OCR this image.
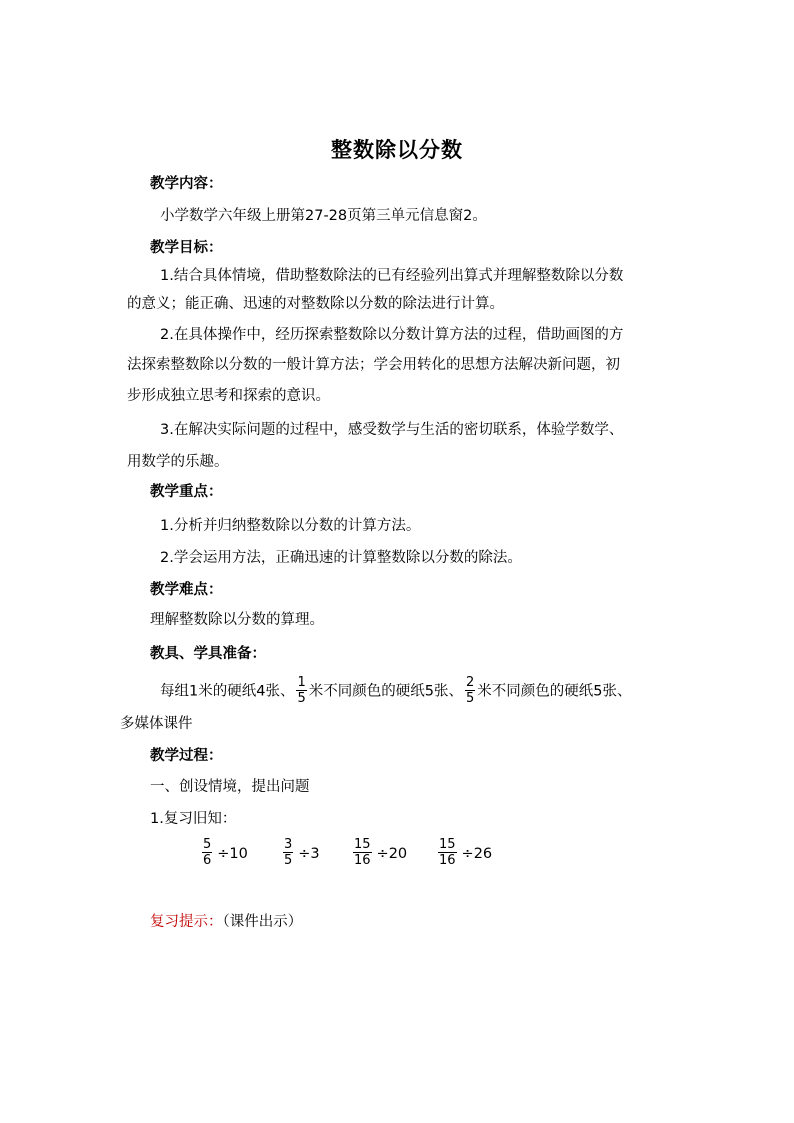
整数除以分数
教学内容：
小学数学六年级上册第27-28页第三单元信息窗2。
教学目标：
1.结合具体情境，借助整数除法的已有经验列出算式并理解整数除以分数
的意义；能正确、迅速的对整数除以分数的除法进行计算。
2.在具体操作中，经历探索整数除以分数计算方法的过程，借助画图的方
法探索整数除以分数的一般计算方法；学会用转化的思想方法解决新问题，初
步形成独立思考和探索的意识。
3.在解决实际问题的过程中，感受数学与生活的密切联系，体验学数学、
用数学的乐趣。
教学重点：
1.分析并归纳整数除以分数的计算方法。
2.学会运用方法，正确迅速的计算整数除以分数的除法。
教学难点：
理解整数除以分数的算理。
教具、学具准备：
每组1米的硬纸4张、 $\frac{1}{5}$ 米不同颜色的硬纸5张、 $\frac{2}{5}$ 米不同颜色的硬纸5张、
多媒体课件
教学过程：
一、创设情境，提出问题
1.复习旧知：
$\frac{5}{6} \div 10$	$\frac{3}{5} \div 3$	$\frac{15}{16} \div 20 \frac{15}{16} \div 26$
复习提示：（课件出示）
